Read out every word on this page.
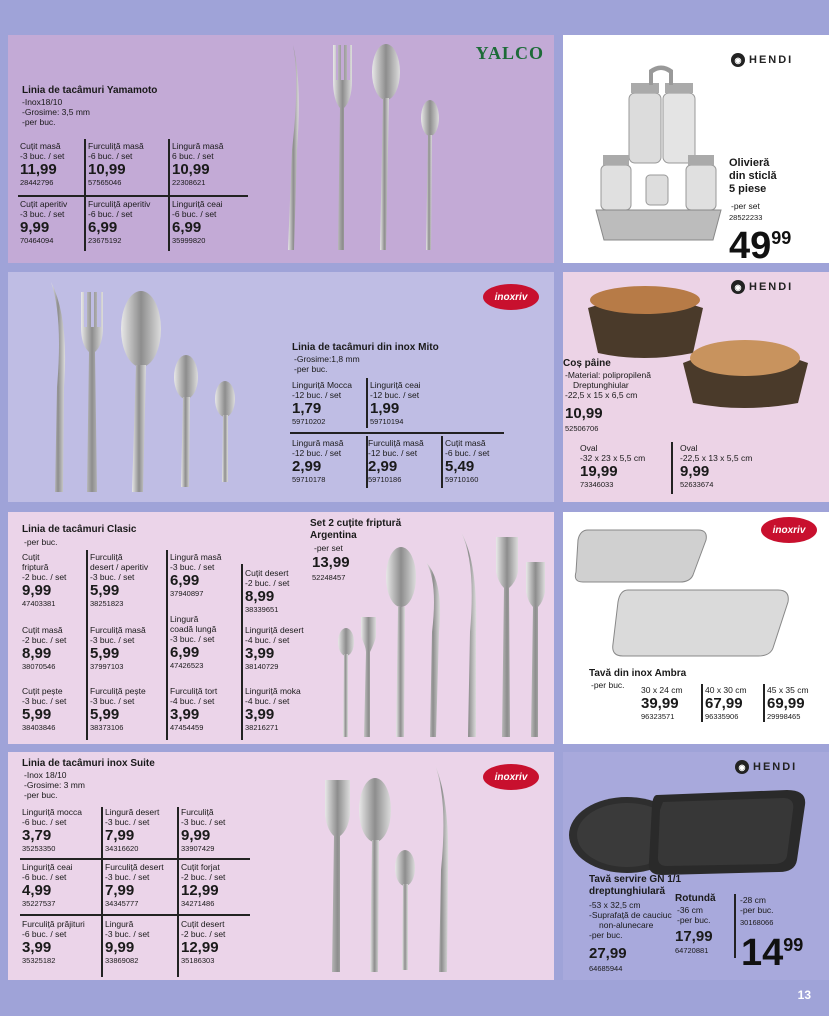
YALCO
Linia de tacâmuri Yamamoto
-Inox18/10
-Grosime: 3,5 mm
-per buc.
Cuțit masă
-3 buc. / set
11,99
28442796
Furculiță masă
-6 buc. / set
10,99
57565046
Lingură masă
6 buc. / set
10,99
22308621
Cuțit aperitiv
-3 buc. / set
9,99
70464094
Furculiță aperitiv
-6 buc. / set
6,99
23675192
Linguriță ceai
-6 buc. / set
6,99
35999820
◉ HENDI
Olivieră
din sticlă
5 piese
-per set
28522233
4999
inoxriv
Linia de tacâmuri din inox Mito
-Grosime:1,8 mm
-per buc.
Linguriță Mocca
-12 buc. / set
1,79
59710202
Linguriță ceai
-12 buc. / set
1,99
59710194
Lingură masă
-12 buc. / set
2,99
59710178
Furculiță masă
-12 buc. / set
2,99
59710186
Cuțit masă
-6 buc. / set
5,49
59710160
◉ HENDI
Coș pâine
-Material: polipropilenă
Dreptunghiular
-22,5 x 15 x 6,5 cm
10,99
52506706
Oval
-32 x 23 x 5,5 cm
19,99
73346033
Oval
-22,5 x 13 x 5,5 cm
9,99
52633674
Linia de tacâmuri Clasic
-per buc.
Set 2 cuțite friptură
Argentina
-per set
13,99
52248457
Cuțit
friptură
-2 buc. / set
9,99
47403381
Furculiță
desert / aperitiv
-3 buc. / set
5,99
38251823
Lingură masă
-3 buc. / set
6,99
37940897
Cuțit desert
-2 buc. / set
8,99
38339651
Cuțit masă
-2 buc. / set
8,99
38070546
Furculiță masă
-3 buc. / set
5,99
37997103
Lingură
coadă lungă
-3 buc. / set
6,99
47426523
Linguriță desert
-4 buc. / set
3,99
38140729
Cuțit pește
-3 buc. / set
5,99
38403846
Furculiță pește
-3 buc. / set
5,99
38373106
Furculiță tort
-4 buc. / set
3,99
47454459
Linguriță moka
-4 buc. / set
3,99
38216271
inoxriv
Tavă din inox Ambra
-per buc. 30 x 24 cm
39,99
96323571
40 x 30 cm
67,99
96335906
45 x 35 cm
69,99
29998465
inoxriv
Linia de tacâmuri inox Suite
-Inox 18/10
-Grosime: 3 mm
-per buc.
Linguriță mocca
-6 buc. / set
3,79
35253350
Lingură desert
-3 buc. / set
7,99
34316620
Furculiță
-3 buc. / set
9,99
33907429
Linguriță ceai
-6 buc. / set
4,99
35227537
Furculiță desert
-3 buc. / set
7,99
34345777
Cuțit forjat
-2 buc. / set
12,99
34271486
Furculiță prăjituri
-6 buc. / set
3,99
35325182
Lingură
-3 buc. / set
9,99
33869082
Cuțit desert
-2 buc. / set
12,99
35186303
◉ HENDI
Tavă servire GN 1/1
dreptunghiulară
-53 x 32,5 cm
-Suprafață de cauciuc
non-alunecare
-per buc.
27,99
64685944
Rotundă
-36 cm
-per buc.
17,99
64720881
-28 cm
-per buc.
30168066
1499
13
